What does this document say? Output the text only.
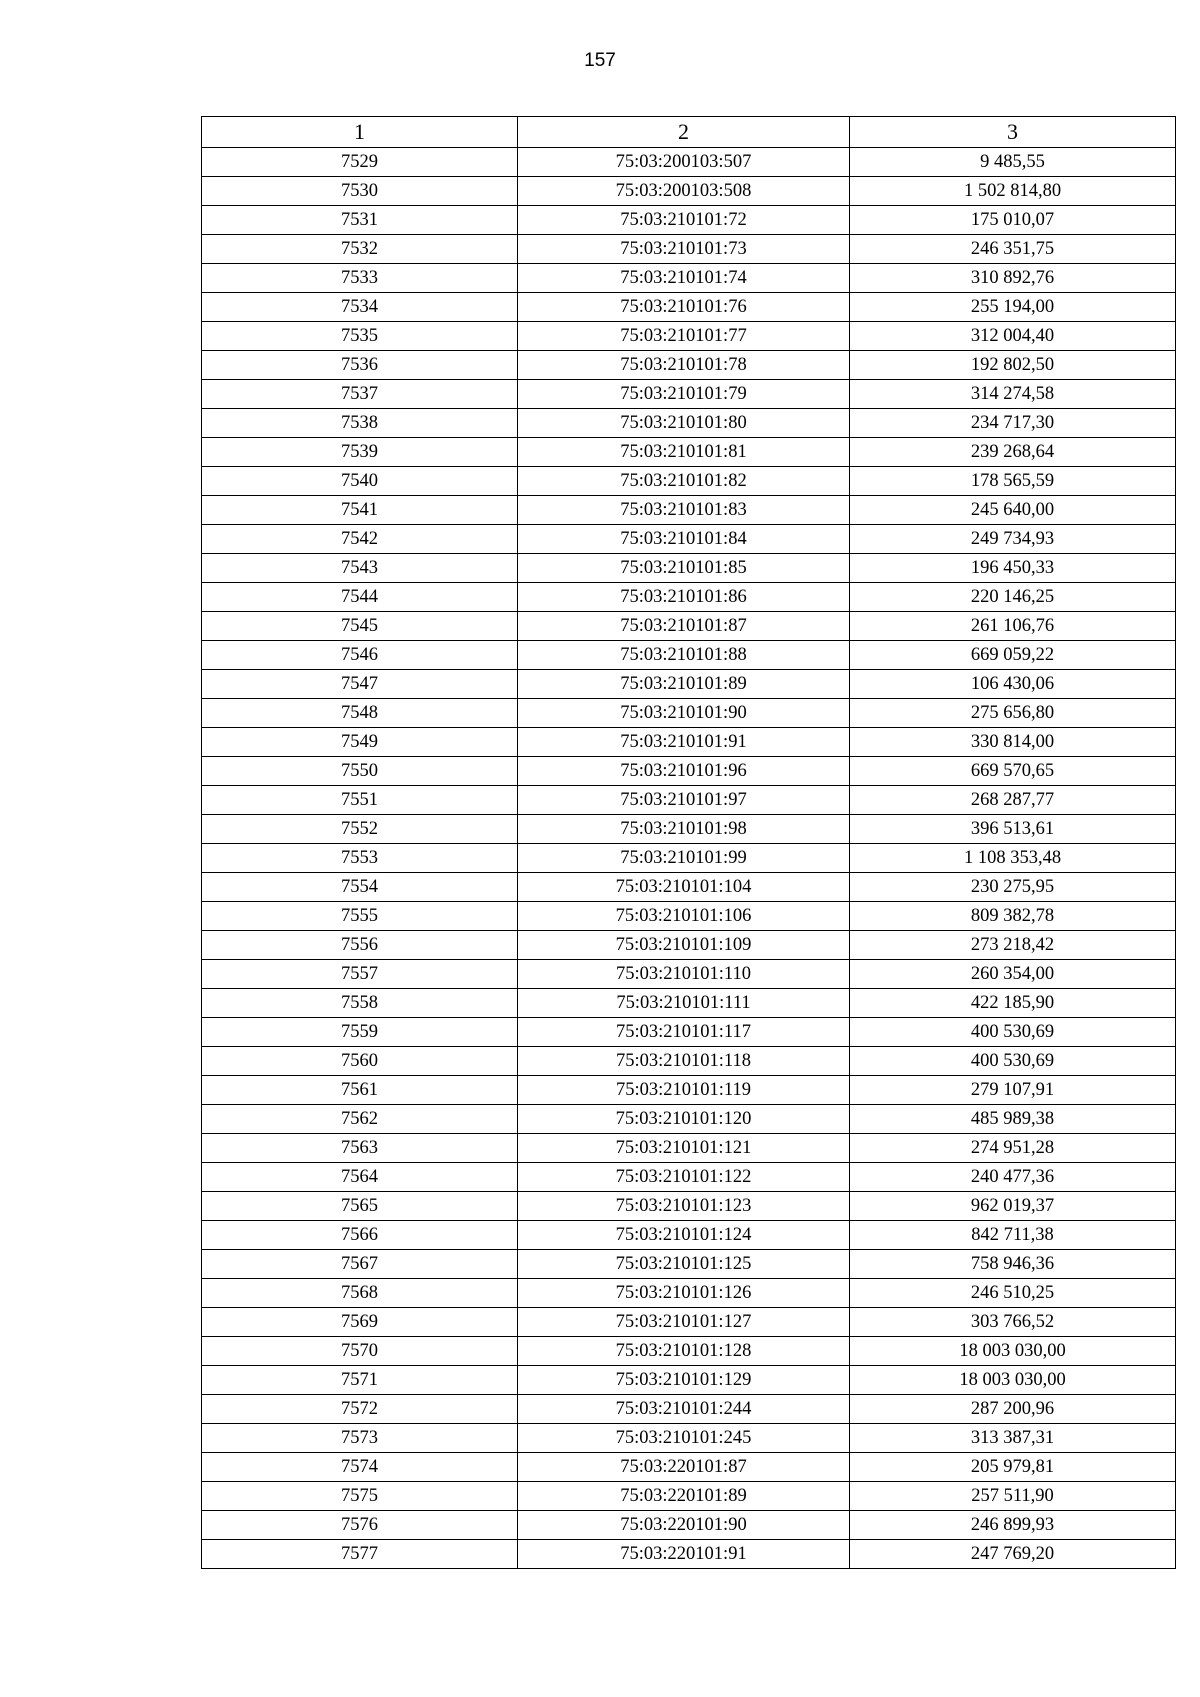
157
1	2	3
7529	75:03:200103:507	9 485,55
7530	75:03:200103:508	1 502 814,80
7531	75:03:210101:72	175 010,07
7532	75:03:210101:73	246 351,75
7533	75:03:210101:74	310 892,76
7534	75:03:210101:76	255 194,00
7535	75:03:210101:77	312 004,40
7536	75:03:210101:78	192 802,50
7537	75:03:210101:79	314 274,58
7538	75:03:210101:80	234 717,30
7539	75:03:210101:81	239 268,64
7540	75:03:210101:82	178 565,59
7541	75:03:210101:83	245 640,00
7542	75:03:210101:84	249 734,93
7543	75:03:210101:85	196 450,33
7544	75:03:210101:86	220 146,25
7545	75:03:210101:87	261 106,76
7546	75:03:210101:88	669 059,22
7547	75:03:210101:89	106 430,06
7548	75:03:210101:90	275 656,80
7549	75:03:210101:91	330 814,00
7550	75:03:210101:96	669 570,65
7551	75:03:210101:97	268 287,77
7552	75:03:210101:98	396 513,61
7553	75:03:210101:99	1 108 353,48
7554	75:03:210101:104	230 275,95
7555	75:03:210101:106	809 382,78
7556	75:03:210101:109	273 218,42
7557	75:03:210101:110	260 354,00
7558	75:03:210101:111	422 185,90
7559	75:03:210101:117	400 530,69
7560	75:03:210101:118	400 530,69
7561	75:03:210101:119	279 107,91
7562	75:03:210101:120	485 989,38
7563	75:03:210101:121	274 951,28
7564	75:03:210101:122	240 477,36
7565	75:03:210101:123	962 019,37
7566	75:03:210101:124	842 711,38
7567	75:03:210101:125	758 946,36
7568	75:03:210101:126	246 510,25
7569	75:03:210101:127	303 766,52
7570	75:03:210101:128	18 003 030,00
7571	75:03:210101:129	18 003 030,00
7572	75:03:210101:244	287 200,96
7573	75:03:210101:245	313 387,31
7574	75:03:220101:87	205 979,81
7575	75:03:220101:89	257 511,90
7576	75:03:220101:90	246 899,93
7577	75:03:220101:91	247 769,20
